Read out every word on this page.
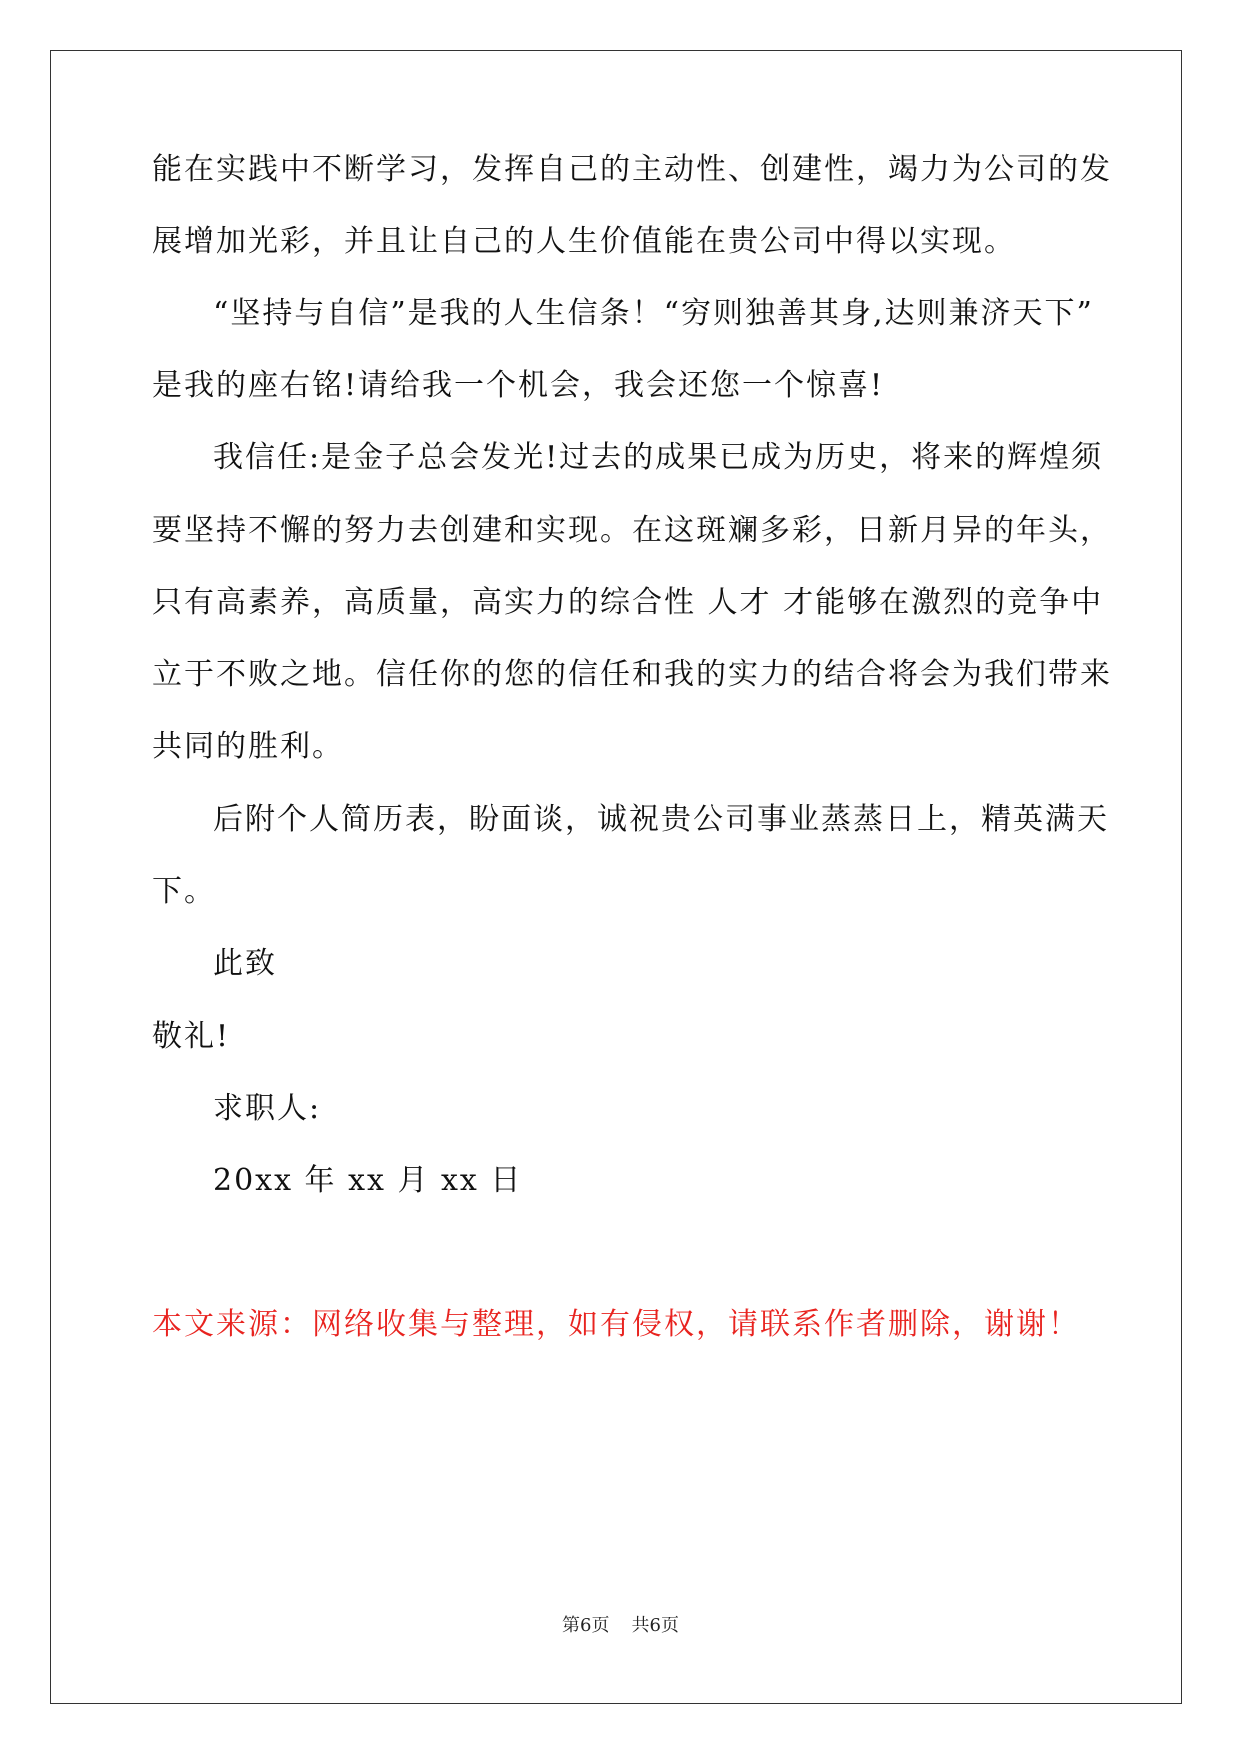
能在实践中不断学习，发挥自己的主动性、创建性，竭力为公司的发
展增加光彩，并且让自己的人生价值能在贵公司中得以实现。
“坚持与自信”是我的人生信条！“穷则独善其身,达则兼济天下”
是我的座右铭!请给我一个机会，我会还您一个惊喜!
我信任:是金子总会发光!过去的成果已成为历史，将来的辉煌须
要坚持不懈的努力去创建和实现。在这斑斓多彩，日新月异的年头，
只有高素养，高质量，高实力的综合性 人才 才能够在激烈的竞争中
立于不败之地。信任你的您的信任和我的实力的结合将会为我们带来
共同的胜利。
后附个人简历表，盼面谈，诚祝贵公司事业蒸蒸日上，精英满天
下。
此致
敬礼!
求职人:
20xx 年 xx 月 xx 日
本文来源：网络收集与整理，如有侵权，请联系作者删除，谢谢！
第6页 共6页
